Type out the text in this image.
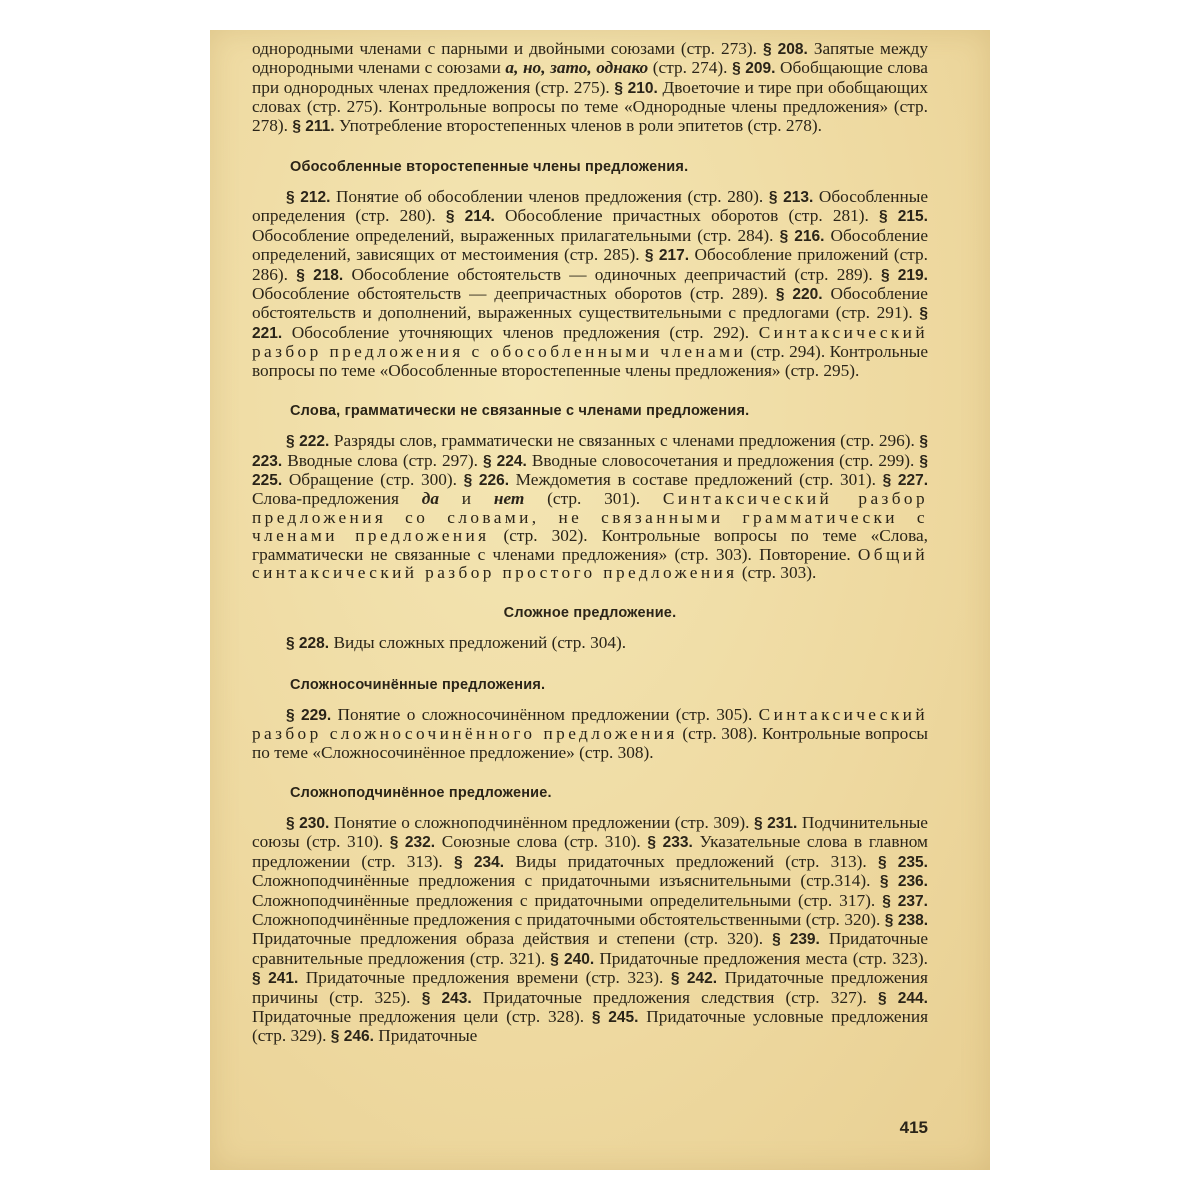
однородными членами с парными и двойными союзами (стр. 273). § 208. Запятые между однородными членами с союзами а, но, зато, однако (стр. 274). § 209. Обобщающие слова при однородных членах предложения (стр. 275). § 210. Двоеточие и тире при обобщающих словах (стр. 275). Контрольные вопросы по теме «Однородные члены предложения» (стр. 278). § 211. Употребление второстепенных членов в роли эпитетов (стр. 278).

Обособленные второстепенные члены предложения.

§ 212. Понятие об обособлении членов предложения (стр. 280). § 213. Обособленные определения (стр. 280). § 214. Обособление причастных оборотов (стр. 281). § 215. Обособление определений, выраженных прилагательными (стр. 284). § 216. Обособление определений, зависящих от местоимения (стр. 285). § 217. Обособление приложений (стр. 286). § 218. Обособление обстоятельств — одиночных деепричастий (стр. 289). § 219. Обособление обстоятельств — деепричастных оборотов (стр. 289). § 220. Обособление обстоятельств и дополнений, выраженных существительными с предлогами (стр. 291). § 221. Обособление уточняющих членов предложения (стр. 292). Синтаксический разбор предложения с обособленными членами (стр. 294). Контрольные вопросы по теме «Обособленные второстепенные члены предложения» (стр. 295).

Слова, грамматически не связанные с членами предложения.

§ 222. Разряды слов, грамматически не связанных с членами предложения (стр. 296). § 223. Вводные слова (стр. 297). § 224. Вводные словосочетания и предложения (стр. 299). § 225. Обращение (стр. 300). § 226. Междометия в составе предложений (стр. 301). § 227. Слова-предложения да и нет (стр. 301). Синтаксический разбор предложения со словами, не связанными грамматически с членами предложения (стр. 302). Контрольные вопросы по теме «Слова, грамматически не связанные с членами предложения» (стр. 303). Повторение. Общий синтаксический разбор простого предложения (стр. 303).

Сложное предложение.

§ 228. Виды сложных предложений (стр. 304).

Сложносочинённые предложения.

§ 229. Понятие о сложносочинённом предложении (стр. 305). Синтаксический разбор сложносочинённого предложения (стр. 308). Контрольные вопросы по теме «Сложносочинённое предложение» (стр. 308).

Сложноподчинённое предложение.

§ 230. Понятие о сложноподчинённом предложении (стр. 309). § 231. Подчинительные союзы (стр. 310). § 232. Союзные слова (стр. 310). § 233. Указательные слова в главном предложении (стр. 313). § 234. Виды придаточных предложений (стр. 313). § 235. Сложноподчинённые предложения с придаточными изъяснительными (стр.314). § 236. Сложноподчинённые предложения с придаточными определительными (стр. 317). § 237. Сложноподчинённые предложения с придаточными обстоятельственными (стр. 320). § 238. Придаточные предложения образа действия и степени (стр. 320). § 239. Придаточные сравнительные предложения (стр. 321). § 240. Придаточные предложения места (стр. 323). § 241. Придаточные предложения времени (стр. 323). § 242. Придаточные предложения причины (стр. 325). § 243. Придаточные предложения следствия (стр. 327). § 244. Придаточные предложения цели (стр. 328). § 245. Придаточные условные предложения (стр. 329). § 246. Придаточные

415
